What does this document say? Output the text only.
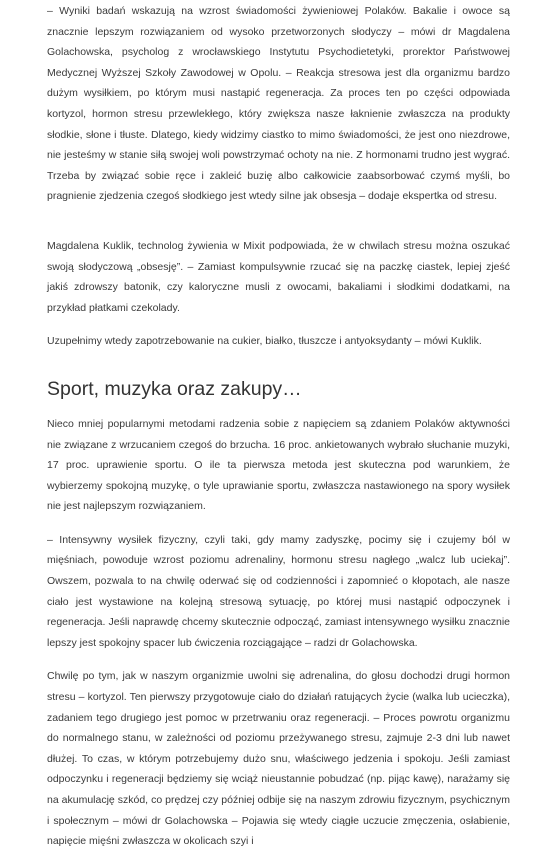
– Wyniki badań wskazują na wzrost świadomości żywieniowej Polaków. Bakalie i owoce są znacznie lepszym rozwiązaniem od wysoko przetworzonych słodyczy – mówi dr Magdalena Golachowska, psycholog z wrocławskiego Instytutu Psychodietetyki, prorektor Państwowej Medycznej Wyższej Szkoły Zawodowej w Opolu. – Reakcja stresowa jest dla organizmu bardzo dużym wysiłkiem, po którym musi nastąpić regeneracja. Za proces ten po części odpowiada kortyzol, hormon stresu przewlekłego, który zwiększa nasze łaknienie zwłaszcza na produkty słodkie, słone i tłuste. Dlatego, kiedy widzimy ciastko to mimo świadomości, że jest ono niezdrowe, nie jesteśmy w stanie siłą swojej woli powstrzymać ochoty na nie. Z hormonami trudno jest wygrać. Trzeba by związać sobie ręce i zakleić buzię albo całkowicie zaabsorbować czymś myśli, bo pragnienie zjedzenia czegoś słodkiego jest wtedy silne jak obsesja – dodaje ekspertka od stresu.

Magdalena Kuklik, technolog żywienia w Mixit podpowiada, że w chwilach stresu można oszukać swoją słodyczową „obsesję”. – Zamiast kompulsywnie rzucać się na paczkę ciastek, lepiej zjeść jakiś zdrowszy batonik, czy kaloryczne musli z owocami, bakaliami i słodkimi dodatkami, na przykład płatkami czekolady.

Uzupełnimy wtedy zapotrzebowanie na cukier, białko, tłuszcze i antyoksydanty – mówi Kuklik.

Sport, muzyka oraz zakupy…

Nieco mniej popularnymi metodami radzenia sobie z napięciem są zdaniem Polaków aktywności nie związane z wrzucaniem czegoś do brzucha. 16 proc. ankietowanych wybrało słuchanie muzyki, 17 proc. uprawienie sportu. O ile ta pierwsza metoda jest skuteczna pod warunkiem, że wybierzemy spokojną muzykę, o tyle uprawianie sportu, zwłaszcza nastawionego na spory wysiłek nie jest najlepszym rozwiązaniem.

– Intensywny wysiłek fizyczny, czyli taki, gdy mamy zadyszkę, pocimy się i czujemy ból w mięśniach, powoduje wzrost poziomu adrenaliny, hormonu stresu nagłego „walcz lub uciekaj”. Owszem, pozwala to na chwilę oderwać się od codzienności i zapomnieć o kłopotach, ale nasze ciało jest wystawione na kolejną stresową sytuację, po której musi nastąpić odpoczynek i regeneracja. Jeśli naprawdę chcemy skutecznie odpocząć, zamiast intensywnego wysiłku znacznie lepszy jest spokojny spacer lub ćwiczenia rozciągające – radzi dr Golachowska.

Chwilę po tym, jak w naszym organizmie uwolni się adrenalina, do głosu dochodzi drugi hormon stresu – kortyzol. Ten pierwszy przygotowuje ciało do działań ratujących życie (walka lub ucieczka), zadaniem tego drugiego jest pomoc w przetrwaniu oraz regeneracji. – Proces powrotu organizmu do normalnego stanu, w zależności od poziomu przeżywanego stresu, zajmuje 2-3 dni lub nawet dłużej. To czas, w którym potrzebujemy dużo snu, właściwego jedzenia i spokoju. Jeśli zamiast odpoczynku i regeneracji będziemy się wciąż nieustannie pobudzać (np. pijąc kawę), narażamy się na akumulację szkód, co prędzej czy później odbije się na naszym zdrowiu fizycznym, psychicznym i społecznym – mówi dr Golachowska – Pojawia się wtedy ciągłe uczucie zmęczenia, osłabienie, napięcie mięśni zwłaszcza w okolicach szyi i
